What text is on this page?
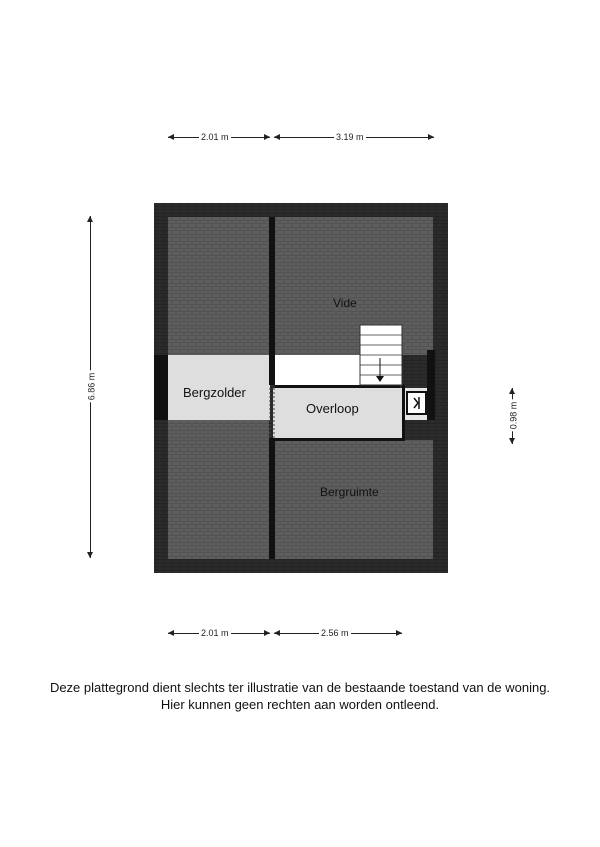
2.01 m	3.19 m
2.01 m	2.56 m
6.86 m
0.98 m
Vide
Bergzolder
Overloop
Bergruimte
Deze plattegrond dient slechts ter illustratie van de bestaande toestand van de woning.
Hier kunnen geen rechten aan worden ontleend.
